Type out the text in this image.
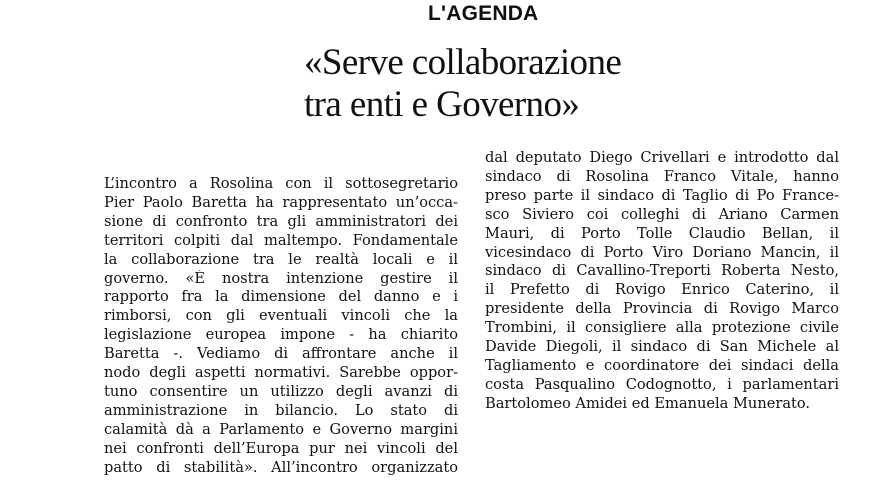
L'AGENDA
«Serve collaborazione
tra enti e Governo»
L’incontro a Rosolina con il sottosegretario
Pier Paolo Baretta ha rappresentato un’occa-
sione di confronto tra gli amministratori dei
territori colpiti dal maltempo. Fondamentale
la collaborazione tra le realtà locali e il
governo. «È nostra intenzione gestire il
rapporto fra la dimensione del danno e i
rimborsi, con gli eventuali vincoli che la
legislazione europea impone - ha chiarito
Baretta -. Vediamo di affrontare anche il
nodo degli aspetti normativi. Sarebbe oppor-
tuno consentire un utilizzo degli avanzi di
amministrazione in bilancio. Lo stato di
calamità dà a Parlamento e Governo margini
nei confronti dell’Europa pur nei vincoli del
patto di stabilità». All’incontro organizzato
dal deputato Diego Crivellari e introdotto dal
sindaco di Rosolina Franco Vitale, hanno
preso parte il sindaco di Taglio di Po France-
sco Siviero coi colleghi di Ariano Carmen
Mauri, di Porto Tolle Claudio Bellan, il
vicesindaco di Porto Viro Doriano Mancin, il
sindaco di Cavallino-Treporti Roberta Nesto,
il Prefetto di Rovigo Enrico Caterino, il
presidente della Provincia di Rovigo Marco
Trombini, il consigliere alla protezione civile
Davide Diegoli, il sindaco di San Michele al
Tagliamento e coordinatore dei sindaci della
costa Pasqualino Codognotto, i parlamentari
Bartolomeo Amidei ed Emanuela Munerato.
